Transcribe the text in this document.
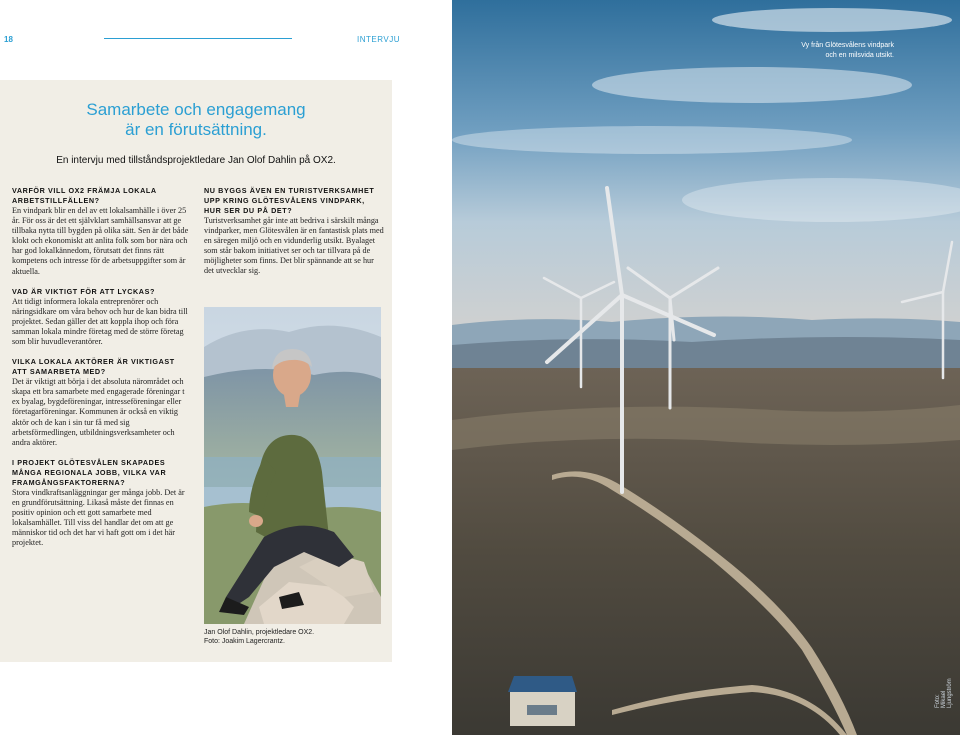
18	INTERVJU
Samarbete och engagemang
är en förutsättning.
En intervju med tillståndsprojektledare Jan Olof Dahlin på OX2.
VARFÖR VILL OX2 FRÄMJA LOKALA ARBETSTILLFÄLLEN?
En vindpark blir en del av ett lokalsamhälle i över 25 år. För oss är det ett självklart samhällsansvar att ge tillbaka nytta till bygden på olika sätt. Sen är det både klokt och ekonomiskt att anlita folk som bor nära och har god lokalkännedom, förutsatt det finns rätt kompetens och intresse för de arbetsuppgifter som är aktuella.
VAD ÄR VIKTIGT FÖR ATT LYCKAS?
Att tidigt informera lokala entreprenörer och näringsidkare om våra behov och hur de kan bidra till projektet. Sedan gäller det att koppla ihop och föra samman lokala mindre företag med de större företag som blir huvudleverantörer.
VILKA LOKALA AKTÖRER ÄR VIKTIGAST ATT SAMARBETA MED?
Det är viktigt att börja i det absoluta närområdet och skapa ett bra samarbete med engagerade föreningar t ex byalag, bygdeföreningar, intresseföreningar eller företagarföreningar. Kommunen är också en viktig aktör och de kan i sin tur få med sig arbetsförmedlingen, utbildningsverksamheter och andra aktörer.
I PROJEKT GLÖTESVÅLEN SKAPADES MÅNGA REGIONALA JOBB, VILKA VAR FRAMGÅNGSFAKTORERNA?
Stora vindkraftsanläggningar ger många jobb. Det är en grundförutsättning. Likaså måste det finnas en positiv opinion och ett gott samarbete med lokalsamhället. Till viss del handlar det om att ge människor tid och det har vi haft gott om i det här projektet.
NU BYGGS ÄVEN EN TURISTVERKSAMHET UPP KRING GLÖTESVÅLENS VINDPARK, HUR SER DU PÅ DET?
Turistverksamhet går inte att bedriva i särskilt många vindparker, men Glötesvålen är en fantastisk plats med en säregen miljö och en vidunderlig utsikt. Byalaget som står bakom initiativet ser och tar tillvara på de möjligheter som finns. Det blir spännande att se hur det utvecklar sig.
Jan Olof Dahlin, projektledare OX2.
Foto: Joakim Lagercrantz.
Vy från Glötesvålens vindpark
och en milsvida utsikt.
Foto: Mikael Ljungström
